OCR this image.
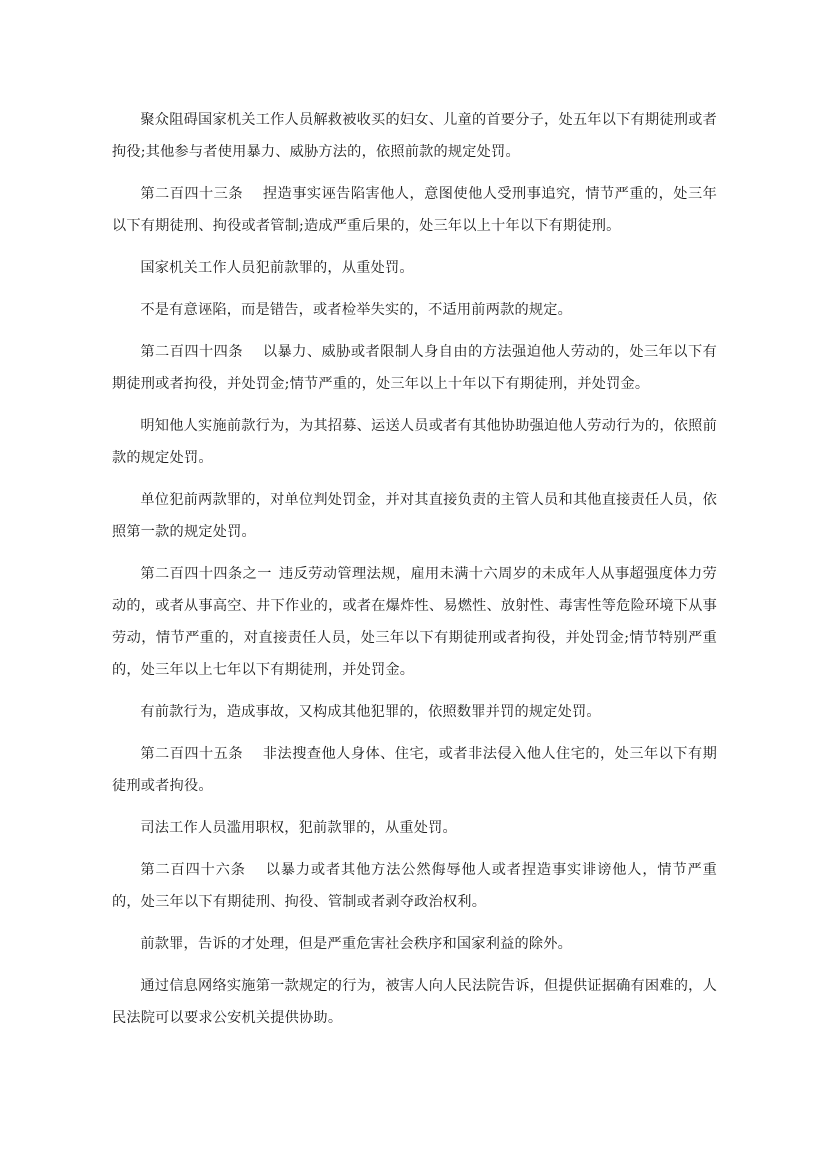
聚众阻碍国家机关工作人员解救被收买的妇女、儿童的首要分子，处五年以下有期徒刑或者拘役;其他参与者使用暴力、威胁方法的，依照前款的规定处罚。

第二百四十三条 捏造事实诬告陷害他人，意图使他人受刑事追究，情节严重的，处三年以下有期徒刑、拘役或者管制;造成严重后果的，处三年以上十年以下有期徒刑。

国家机关工作人员犯前款罪的，从重处罚。

不是有意诬陷，而是错告，或者检举失实的，不适用前两款的规定。

第二百四十四条 以暴力、威胁或者限制人身自由的方法强迫他人劳动的，处三年以下有期徒刑或者拘役，并处罚金;情节严重的，处三年以上十年以下有期徒刑，并处罚金。

明知他人实施前款行为，为其招募、运送人员或者有其他协助强迫他人劳动行为的，依照前款的规定处罚。

单位犯前两款罪的，对单位判处罚金，并对其直接负责的主管人员和其他直接责任人员，依照第一款的规定处罚。

第二百四十四条之一 违反劳动管理法规，雇用未满十六周岁的未成年人从事超强度体力劳动的，或者从事高空、井下作业的，或者在爆炸性、易燃性、放射性、毒害性等危险环境下从事劳动，情节严重的，对直接责任人员，处三年以下有期徒刑或者拘役，并处罚金;情节特别严重的，处三年以上七年以下有期徒刑，并处罚金。

有前款行为，造成事故，又构成其他犯罪的，依照数罪并罚的规定处罚。

第二百四十五条 非法搜查他人身体、住宅，或者非法侵入他人住宅的，处三年以下有期徒刑或者拘役。

司法工作人员滥用职权，犯前款罪的，从重处罚。

第二百四十六条 以暴力或者其他方法公然侮辱他人或者捏造事实诽谤他人，情节严重的，处三年以下有期徒刑、拘役、管制或者剥夺政治权利。

前款罪，告诉的才处理，但是严重危害社会秩序和国家利益的除外。

通过信息网络实施第一款规定的行为，被害人向人民法院告诉，但提供证据确有困难的，人民法院可以要求公安机关提供协助。
